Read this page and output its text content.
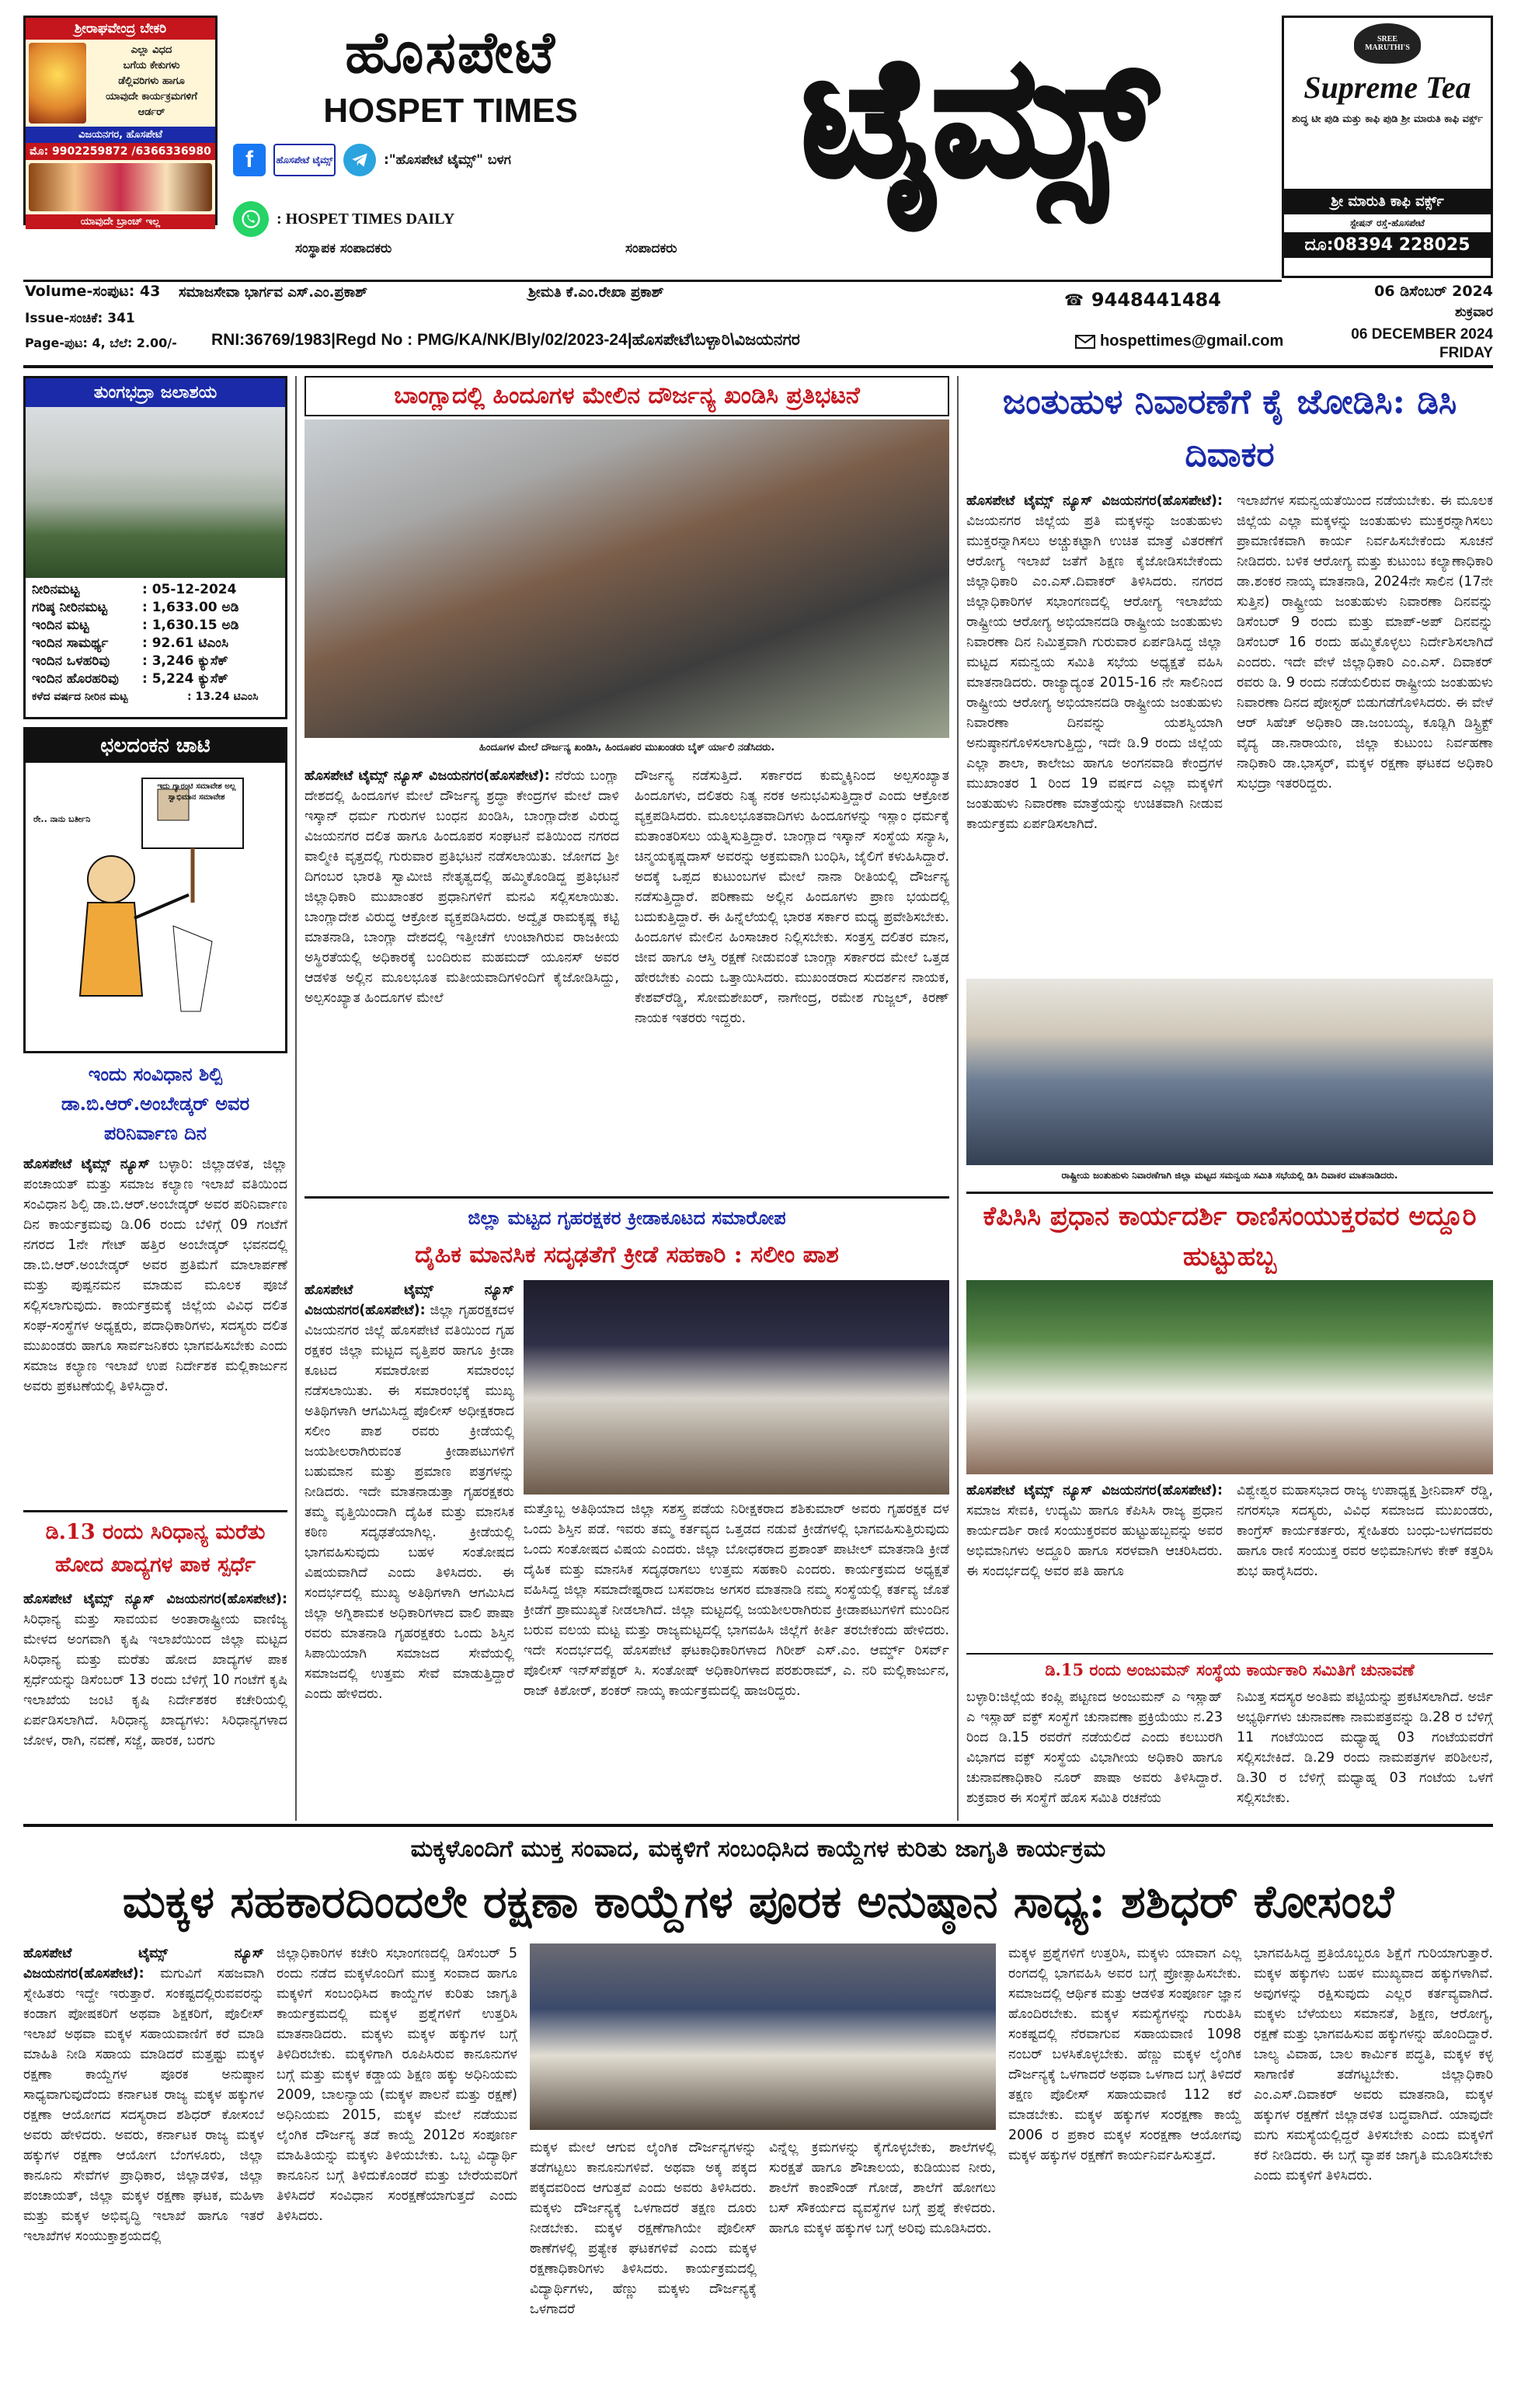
ಶ್ರೀರಾಘವೇಂದ್ರ ಬೇಕರಿ
ಎಲ್ಲಾ ವಿಧದ
ಬಗೆಯ ಕೇಕುಗಳು
ಡೆಲ್ಲಿವರಿಗಳು ಹಾಗೂ
ಯಾವುದೇ ಕಾರ್ಯಕ್ರಮಗಳಿಗೆ ಆರ್ಡರ್
ವಿಜಯನಗರ, ಹೊಸಪೇಟೆ
ಮೊ: 9902259872 /6366336980
ಯಾವುದೇ ಬ್ರಾಂಚ್ ಇಲ್ಲ
ಹೊಸಪೇಟೆ
HOSPET TIMES
f	ಹೊಸಪೇಟೆ ಟೈಮ್ಸ್	:"ಹೊಸಪೇಟೆ ಟೈಮ್ಸ್" ಬಳಗ
: HOSPET TIMES DAILY
ಟೈಮ್ಸ್	SREE MARUTHI'S
Supreme Tea
ಶುದ್ಧ ಟೀ ಪುಡಿ ಮತ್ತು ಕಾಫಿ ಪುಡಿ ಶ್ರೀ ಮಾರುತಿ ಕಾಫಿ ವರ್ಕ್ಸ್
ಶ್ರೀ ಮಾರುತಿ ಕಾಫಿ ವರ್ಕ್ಸ್
ಸ್ಟೇಷನ್ ರಸ್ತೆ-ಹೊಸಪೇಟೆ
ದೂ:08394 228025
ಸಂಸ್ಥಾಪಕ ಸಂಪಾದಕರು	ಸಂಪಾದಕರು
Volume-ಸಂಪುಟ: 43
Issue-ಸಂಚಿಕೆ: 341
Page-ಪುಟ: 4, ಬೆಲೆ: 2.00/-
ಸಮಾಜಸೇವಾ ಭಾರ್ಗವ ಎಸ್.ಎಂ.ಪ್ರಕಾಶ್	ಶ್ರೀಮತಿ ಕೆ.ಎಂ.ರೇಖಾ ಪ್ರಕಾಶ್	☎ 9448441484	06 ಡಿಸೆಂಬರ್ 2024
ಶುಕ್ರವಾರ
06 DECEMBER 2024
FRIDAY
RNI:36769/1983|Regd No : PMG/KA/NK/Bly/02/2023-24|ಹೊಸಪೇಟೆ\ಬಳ್ಳಾರಿ\ವಿಜಯನಗರ	hospettimes@gmail.com
ತುಂಗಭದ್ರಾ ಜಲಾಶಯ
ನೀರಿನಮಟ್ಟ	: 05-12-2024
ಗರಿಷ್ಠ ನೀರಿನಮಟ್ಟ	: 1,633.00 ಅಡಿ
ಇಂದಿನ ಮಟ್ಟ	: 1,630.15 ಅಡಿ
ಇಂದಿನ ಸಾಮರ್ಥ್ಯ	: 92.61 ಟಿಎಂಸಿ
ಇಂದಿನ ಒಳಹರಿವು	: 3,246 ಕ್ಯುಸೆಕ್
ಇಂದಿನ ಹೊರಹರಿವು	: 5,224 ಕ್ಯುಸೆಕ್
ಕಳೆದ ವರ್ಷದ ನೀರಿನ ಮಟ್ಟ	: 13.24 ಟಿಎಂಸಿ
ಛಲದಂಕನ ಚಾಟಿ
ಇದು ಗ್ಯಾರಂಟಿ ಸಮಾವೇಶ ಅಲ್ಲ ಸ್ವಾಭಿಮಾನ ಸಮಾವೇಶ
ರೇ.. ನಾನು ಬರ್ತೀನಿ
ಇಂದು ಸಂವಿಧಾನ ಶಿಲ್ಪಿ ಡಾ.ಬಿ.ಆರ್.ಅಂಬೇಡ್ಕರ್ ಅವರ ಪರಿನಿರ್ವಾಣ ದಿನ
ಹೊಸಪೇಟೆ ಟೈಮ್ಸ್ ನ್ಯೂಸ್ ಬಳ್ಳಾರಿ: ಜಿಲ್ಲಾಡಳಿತ, ಜಿಲ್ಲಾ ಪಂಚಾಯತ್ ಮತ್ತು ಸಮಾಜ ಕಲ್ಯಾಣ ಇಲಾಖೆ ವತಿಯಿಂದ ಸಂವಿಧಾನ ಶಿಲ್ಪಿ ಡಾ.ಬಿ.ಆರ್.ಅಂಬೇಡ್ಕರ್ ಅವರ ಪರಿನಿರ್ವಾಣ ದಿನ ಕಾರ್ಯಕ್ರಮವು ಡಿ.06 ರಂದು ಬೆಳಿಗ್ಗೆ 09 ಗಂಟೆಗೆ ನಗರದ 1ನೇ ಗೇಟ್ ಹತ್ತಿರ ಅಂಬೇಡ್ಕರ್ ಭವನದಲ್ಲಿ ಡಾ.ಬಿ.ಆರ್.ಅಂಬೇಡ್ಕರ್ ಅವರ ಪ್ರತಿಮೆಗೆ ಮಾಲಾರ್ಪಣೆ ಮತ್ತು ಪುಷ್ಪನಮನ ಮಾಡುವ ಮೂಲಕ ಪೂಜೆ ಸಲ್ಲಿಸಲಾಗುವುದು. ಕಾರ್ಯಕ್ರಮಕ್ಕೆ ಜಿಲ್ಲೆಯ ವಿವಿಧ ದಲಿತ ಸಂಘ-ಸಂಸ್ಥೆಗಳ ಅಧ್ಯಕ್ಷರು, ಪದಾಧಿಕಾರಿಗಳು, ಸದಸ್ಯರು ದಲಿತ ಮುಖಂಡರು ಹಾಗೂ ಸಾರ್ವಜನಿಕರು ಭಾಗವಹಿಸಬೇಕು ಎಂದು ಸಮಾಜ ಕಲ್ಯಾಣ ಇಲಾಖೆ ಉಪ ನಿರ್ದೇಶಕ ಮಲ್ಲಿಕಾರ್ಜುನ ಅವರು ಪ್ರಕಟಣೆಯಲ್ಲಿ ತಿಳಿಸಿದ್ದಾರೆ.
ಡಿ.13 ರಂದು ಸಿರಿಧಾನ್ಯ ಮರೆತು ಹೋದ ಖಾದ್ಯಗಳ ಪಾಕ ಸ್ಪರ್ಧೆ
ಹೊಸಪೇಟೆ ಟೈಮ್ಸ್ ನ್ಯೂಸ್ ವಿಜಯನಗರ(ಹೊಸಪೇಟೆ): ಸಿರಿಧಾನ್ಯ ಮತ್ತು ಸಾವಯವ ಅಂತಾರಾಷ್ಟ್ರೀಯ ವಾಣಿಜ್ಯ ಮೇಳದ ಅಂಗವಾಗಿ ಕೃಷಿ ಇಲಾಖೆಯಿಂದ ಜಿಲ್ಲಾ ಮಟ್ಟದ ಸಿರಿಧಾನ್ಯ ಮತ್ತು ಮರೆತು ಹೋದ ಖಾದ್ಯಗಳ ಪಾಕ ಸ್ಪರ್ಧೆಯನ್ನು ಡಿಸೆಂಬರ್ 13 ರಂದು ಬೆಳಿಗ್ಗೆ 10 ಗಂಟೆಗೆ ಕೃಷಿ ಇಲಾಖೆಯ ಜಂಟಿ ಕೃಷಿ ನಿರ್ದೇಶಕರ ಕಚೇರಿಯಲ್ಲಿ ಏರ್ಪಡಿಸಲಾಗಿದೆ. ಸಿರಿಧಾನ್ಯ ಖಾದ್ಯಗಳು: ಸಿರಿಧಾನ್ಯಗಳಾದ ಜೋಳ, ರಾಗಿ, ನವಣೆ, ಸಜ್ಜೆ, ಹಾರಕ, ಬರಗು
ಬಾಂಗ್ಲಾದಲ್ಲಿ ಹಿಂದೂಗಳ ಮೇಲಿನ ದೌರ್ಜನ್ಯ ಖಂಡಿಸಿ ಪ್ರತಿಭಟನೆ
ಹಿಂದೂಗಳ ಮೇಲೆ ದೌರ್ಜನ್ಯ ಖಂಡಿಸಿ, ಹಿಂದೂಪರ ಮುಖಂಡರು ಬೈಕ್ ರ್ಯಾಲಿ ನಡೆಸಿದರು.
ಹೊಸಪೇಟೆ ಟೈಮ್ಸ್ ನ್ಯೂಸ್ ವಿಜಯನಗರ(ಹೊಸಪೇಟೆ): ನೆರೆಯ ಬಂಗ್ಲಾ ದೇಶದಲ್ಲಿ ಹಿಂದೂಗಳ ಮೇಲೆ ದೌರ್ಜನ್ಯ ಶ್ರದ್ಧಾ ಕೇಂದ್ರಗಳ ಮೇಲೆ ದಾಳಿ ಇಸ್ಕಾನ್ ಧರ್ಮ ಗುರುಗಳ ಬಂಧನ ಖಂಡಿಸಿ, ಬಾಂಗ್ಲಾದೇಶ ವಿರುದ್ಧ ವಿಜಯನಗರ ದಲಿತ ಹಾಗೂ ಹಿಂದೂಪರ ಸಂಘಟನೆ ವತಿಯಿಂದ ನಗರದ ವಾಲ್ಮೀಕಿ ವೃತ್ತದಲ್ಲಿ ಗುರುವಾರ ಪ್ರತಿಭಟನೆ ನಡೆಸಲಾಯಿತು. ಜೋಗದ ಶ್ರೀ ದಿಗಂಬರ ಭಾರತಿ ಸ್ವಾಮೀಜಿ ನೇತೃತ್ವದಲ್ಲಿ ಹಮ್ಮಿಕೊಂಡಿದ್ದ ಪ್ರತಿಭಟನೆ ಜಿಲ್ಲಾಧಿಕಾರಿ ಮುಖಾಂತರ ಪ್ರಧಾನಿಗಳಿಗೆ ಮನವಿ ಸಲ್ಲಿಸಲಾಯಿತು. ಬಾಂಗ್ಲಾದೇಶ ವಿರುದ್ಧ ಆಕ್ರೋಶ ವ್ಯಕ್ತಪಡಿಸಿದರು. ಅದ್ವೈತ ರಾಮಕೃಷ್ಣ ಕಟ್ಟಿ ಮಾತನಾಡಿ, ಬಾಂಗ್ಲಾ ದೇಶದಲ್ಲಿ ಇತ್ತೀಚೆಗೆ ಉಂಟಾಗಿರುವ ರಾಜಕೀಯ ಅಸ್ಥಿರತೆಯಲ್ಲಿ ಅಧಿಕಾರಕ್ಕೆ ಬಂದಿರುವ ಮಹಮದ್ ಯೂನಸ್ ಅವರ ಆಡಳಿತ ಅಲ್ಲಿನ ಮೂಲಭೂತ ಮತೀಯವಾದಿಗಳಿಂದಿಗೆ ಕೈಜೋಡಿಸಿದ್ದು, ಅಲ್ಪಸಂಖ್ಯಾತ ಹಿಂದೂಗಳ ಮೇಲೆ
ದೌರ್ಜನ್ಯ ನಡೆಸುತ್ತಿದೆ. ಸರ್ಕಾರದ ಕುಮ್ಮಕ್ಕಿನಿಂದ ಅಲ್ಪಸಂಖ್ಯಾತ ಹಿಂದೂಗಳು, ದಲಿತರು ನಿತ್ಯ ನರಕ ಅನುಭವಿಸುತ್ತಿದ್ದಾರೆ ಎಂದು ಆಕ್ರೋಶ ವ್ಯಕ್ತಪಡಿಸಿದರು. ಮೂಲಭೂತವಾದಿಗಳು ಹಿಂದೂಗಳನ್ನು ಇಸ್ಲಾಂ ಧರ್ಮಕ್ಕೆ ಮತಾಂತರಿಸಲು ಯತ್ನಿಸುತ್ತಿದ್ದಾರೆ. ಬಾಂಗ್ಲಾದ ಇಸ್ಕಾನ್ ಸಂಸ್ಥೆಯ ಸನ್ಯಾಸಿ, ಚಿನ್ಮಯಕೃಷ್ಣದಾಸ್ ಅವರನ್ನು ಅಕ್ರಮವಾಗಿ ಬಂಧಿಸಿ, ಜೈಲಿಗೆ ಕಳುಹಿಸಿದ್ದಾರೆ. ಅದಕ್ಕೆ ಒಪ್ಪದ ಕುಟುಂಬಗಳ ಮೇಲೆ ನಾನಾ ರೀತಿಯಲ್ಲಿ ದೌರ್ಜನ್ಯ ನಡೆಸುತ್ತಿದ್ದಾರೆ. ಪರಿಣಾಮ ಅಲ್ಲಿನ ಹಿಂದೂಗಳು ಪ್ರಾಣ ಭಯದಲ್ಲಿ ಬದುಕುತ್ತಿದ್ದಾರೆ. ಈ ಹಿನ್ನೆಲೆಯಲ್ಲಿ ಭಾರತ ಸರ್ಕಾರ ಮಧ್ಯ ಪ್ರವೇಶಿಸಬೇಕು. ಹಿಂದೂಗಳ ಮೇಲಿನ ಹಿಂಸಾಚಾರ ನಿಲ್ಲಿಸಬೇಕು. ಸಂತ್ರಸ್ತ ದಲಿತರ ಮಾನ, ಜೀವ ಹಾಗೂ ಆಸ್ತಿ ರಕ್ಷಣೆ ನೀಡುವಂತೆ ಬಾಂಗ್ಲಾ ಸರ್ಕಾರದ ಮೇಲೆ ಒತ್ತಡ ಹೇರಬೇಕು ಎಂದು ಒತ್ತಾಯಿಸಿದರು. ಮುಖಂಡರಾದ ಸುದರ್ಶನ ನಾಯಕ, ಕೇಶವ್‍ರೆಡ್ಡಿ, ಸೋಮಶೇಖರ್, ನಾಗೇಂದ್ರ, ರಮೇಶ ಗುಜ್ಜಲ್, ಕಿರಣ್ ನಾಯಕ ಇತರರು ಇದ್ದರು.
ಜಿಲ್ಲಾ ಮಟ್ಟದ ಗೃಹರಕ್ಷಕರ ಕ್ರೀಡಾಕೂಟದ ಸಮಾರೋಪ
ದೈಹಿಕ ಮಾನಸಿಕ ಸದೃಢತೆಗೆ ಕ್ರೀಡೆ ಸಹಕಾರಿ : ಸಲೀಂ ಪಾಶ
ಹೊಸಪೇಟೆ ಟೈಮ್ಸ್ ನ್ಯೂಸ್ ವಿಜಯನಗರ(ಹೊಸಪೇಟೆ): ಜಿಲ್ಲಾ ಗೃಹರಕ್ಷಕದಳ ವಿಜಯನಗರ ಜಿಲ್ಲೆ ಹೊಸಪೇಟೆ ವತಿಯಿಂದ ಗೃಹ ರಕ್ಷಕರ ಜಿಲ್ಲಾ ಮಟ್ಟದ ವೃತ್ತಿಪರ ಹಾಗೂ ಕ್ರೀಡಾ ಕೂಟದ ಸಮಾರೋಪ ಸಮಾರಂಭ ನಡೆಸಲಾಯಿತು. ಈ ಸಮಾರಂಭಕ್ಕೆ ಮುಖ್ಯ ಅತಿಥಿಗಳಾಗಿ ಆಗಮಿಸಿದ್ದ ಪೊಲೀಸ್ ಅಧೀಕ್ಷಕರಾದ ಸಲೀಂ ಪಾಶ ರವರು ಕ್ರೀಡೆಯಲ್ಲಿ ಜಯಶೀಲರಾಗಿರುವಂತ ಕ್ರೀಡಾಪಟುಗಳಿಗೆ ಬಹುಮಾನ ಮತ್ತು ಪ್ರಮಾಣ ಪತ್ರಗಳನ್ನು ನೀಡಿದರು. ಇದೇ ಮಾತನಾಡುತ್ತಾ ಗೃಹರಕ್ಷಕರು ತಮ್ಮ ವೃತ್ತಿಯಿಂದಾಗಿ ದೈಹಿಕ ಮತ್ತು ಮಾನಸಿಕ ಕಠಿಣ ಸದೃಢತೆಯಾಗಿಲ್ಲ. ಕ್ರೀಡೆಯಲ್ಲಿ ಭಾಗವಹಿಸುವುದು ಬಹಳ ಸಂತೋಷದ ವಿಷಯವಾಗಿದೆ ಎಂದು ತಿಳಿಸಿದರು. ಈ ಸಂದರ್ಭದಲ್ಲಿ ಮುಖ್ಯ ಅತಿಥಿಗಳಾಗಿ ಆಗಮಿಸಿದ ಜಿಲ್ಲಾ ಅಗ್ನಿಶಾಮಕ ಅಧಿಕಾರಿಗಳಾದ ವಾಲಿ ಪಾಷಾ ರವರು ಮಾತನಾಡಿ ಗೃಹರಕ್ಷಕರು ಒಂದು ಶಿಸ್ತಿನ ಸಿಪಾಯಿಯಾಗಿ ಸಮಾಜದ ಸೇವೆಯಲ್ಲಿ ಸಮಾಜದಲ್ಲಿ ಉತ್ತಮ ಸೇವೆ ಮಾಡುತ್ತಿದ್ದಾರೆ ಎಂದು ಹೇಳಿದರು.
ಮತ್ತೊಬ್ಬ ಅತಿಥಿಯಾದ ಜಿಲ್ಲಾ ಸಶಸ್ತ್ರ ಪಡೆಯ ನಿರೀಕ್ಷಕರಾದ ಶಶಿಕುಮಾರ್ ಅವರು ಗೃಹರಕ್ಷಕ ದಳ ಒಂದು ಶಿಸ್ತಿನ ಪಡೆ. ಇವರು ತಮ್ಮ ಕರ್ತವ್ಯದ ಒತ್ತಡದ ನಡುವೆ ಕ್ರೀಡೆಗಳಲ್ಲಿ ಭಾಗವಹಿಸುತ್ತಿರುವುದು ಒಂದು ಸಂತೋಷದ ವಿಷಯ ಎಂದರು. ಜಿಲ್ಲಾ ಬೋಧಕರಾದ ಪ್ರಶಾಂತ್ ಪಾಟೀಲ್ ಮಾತನಾಡಿ ಕ್ರೀಡೆ ದೈಹಿಕ ಮತ್ತು ಮಾನಸಿಕ ಸದೃಢರಾಗಲು ಉತ್ತಮ ಸಹಕಾರಿ ಎಂದರು. ಕಾರ್ಯಕ್ರಮದ ಅಧ್ಯಕ್ಷತೆ ವಹಿಸಿದ್ದ ಜಿಲ್ಲಾ ಸಮಾದೇಷ್ಟರಾದ ಬಸವರಾಜ ಅಗಸರ ಮಾತನಾಡಿ ನಮ್ಮ ಸಂಸ್ಥೆಯಲ್ಲಿ ಕರ್ತವ್ಯ ಜೊತೆ ಕ್ರೀಡೆಗೆ ಪ್ರಾಮುಖ್ಯತೆ ನೀಡಲಾಗಿದೆ. ಜಿಲ್ಲಾ ಮಟ್ಟದಲ್ಲಿ ಜಯಶೀಲರಾಗಿರುವ ಕ್ರೀಡಾಪಟುಗಳಿಗೆ ಮುಂದಿನ ಬರುವ ವಲಯ ಮಟ್ಟ ಮತ್ತು ರಾಜ್ಯಮಟ್ಟದಲ್ಲಿ ಭಾಗವಹಿಸಿ ಜಿಲ್ಲೆಗೆ ಕೀರ್ತಿ ತರಬೇಕೆಂದು ಹೇಳಿದರು. ಇದೇ ಸಂದರ್ಭದಲ್ಲಿ ಹೊಸಪೇಟೆ ಘಟಕಾಧಿಕಾರಿಗಳಾದ ಗಿರೀಶ್ ಎಸ್.ಎಂ. ಆರ್ಮ್ಡ್ ರಿಸರ್ವ್ ಪೊಲೀಸ್ ಇನ್ಸ್‍ಪೆಕ್ಟರ್ ಸಿ. ಸಂತೋಷ್ ಅಧಿಕಾರಿಗಳಾದ ಪರಶುರಾಮ್, ಎ. ನರಿ ಮಲ್ಲಿಕಾರ್ಜುನ, ರಾಜ್ ಕಿಶೋರ್, ಶಂಕರ್ ನಾಯ್ಕ ಕಾರ್ಯಕ್ರಮದಲ್ಲಿ ಹಾಜರಿದ್ದರು.
ಜಂತುಹುಳ ನಿವಾರಣೆಗೆ ಕೈ ಜೋಡಿಸಿ: ಡಿಸಿ ದಿವಾಕರ
ಹೊಸಪೇಟೆ ಟೈಮ್ಸ್ ನ್ಯೂಸ್ ವಿಜಯನಗರ(ಹೊಸಪೇಟೆ): ವಿಜಯನಗರ ಜಿಲ್ಲೆಯ ಪ್ರತಿ ಮಕ್ಕಳನ್ನು ಜಂತುಹುಳು ಮುಕ್ತರನ್ನಾಗಿಸಲು ಅಚ್ಚುಕಟ್ಟಾಗಿ ಉಚಿತ ಮಾತ್ರೆ ವಿತರಣೆಗೆ ಆರೋಗ್ಯ ಇಲಾಖೆ ಜತೆಗೆ ಶಿಕ್ಷಣ ಕೈಜೋಡಿಸಬೇಕೆಂದು ಜಿಲ್ಲಾಧಿಕಾರಿ ಎಂ.ಎಸ್.ದಿವಾಕರ್ ತಿಳಿಸಿದರು. ನಗರದ ಜಿಲ್ಲಾಧಿಕಾರಿಗಳ ಸಭಾಂಗಣದಲ್ಲಿ ಆರೋಗ್ಯ ಇಲಾಖೆಯ ರಾಷ್ಟ್ರೀಯ ಆರೋಗ್ಯ ಅಭಿಯಾನದಡಿ ರಾಷ್ಟ್ರೀಯ ಜಂತುಹುಳು ನಿವಾರಣಾ ದಿನ ನಿಮಿತ್ತವಾಗಿ ಗುರುವಾರ ಏರ್ಪಡಿಸಿದ್ದ ಜಿಲ್ಲಾ ಮಟ್ಟದ ಸಮನ್ವಯ ಸಮಿತಿ ಸಭೆಯ ಅಧ್ಯಕ್ಷತೆ ವಹಿಸಿ ಮಾತನಾಡಿದರು. ರಾಜ್ಯಾದ್ಯಂತ 2015-16 ನೇ ಸಾಲಿನಿಂದ ರಾಷ್ಟ್ರೀಯ ಆರೋಗ್ಯ ಅಭಿಯಾನದಡಿ ರಾಷ್ಟ್ರೀಯ ಜಂತುಹುಳು ನಿವಾರಣಾ ದಿನವನ್ನು ಯಶಸ್ವಿಯಾಗಿ ಅನುಷ್ಠಾನಗೊಳಿಸಲಾಗುತ್ತಿದ್ದು, ಇದೇ ಡಿ.9 ರಂದು ಜಿಲ್ಲೆಯ ಎಲ್ಲಾ ಶಾಲಾ, ಕಾಲೇಜು ಹಾಗೂ ಅಂಗನವಾಡಿ ಕೇಂದ್ರಗಳ ಮುಖಾಂತರ 1 ರಿಂದ 19 ವರ್ಷದ ಎಲ್ಲಾ ಮಕ್ಕಳಿಗೆ ಜಂತುಹುಳು ನಿವಾರಣಾ ಮಾತ್ರೆಯನ್ನು ಉಚಿತವಾಗಿ ನೀಡುವ ಕಾರ್ಯಕ್ರಮ ಏರ್ಪಡಿಸಲಾಗಿದೆ.
ಇಲಾಖೆಗಳ ಸಮನ್ವಯತೆಯಿಂದ ನಡೆಯಬೇಕು. ಈ ಮೂಲಕ ಜಿಲ್ಲೆಯ ಎಲ್ಲಾ ಮಕ್ಕಳನ್ನು ಜಂತುಹುಳು ಮುಕ್ತರನ್ನಾಗಿಸಲು ಪ್ರಾಮಾಣಿಕವಾಗಿ ಕಾರ್ಯ ನಿರ್ವಹಿಸಬೇಕೆಂದು ಸೂಚನೆ ನೀಡಿದರು. ಬಳಿಕ ಆರೋಗ್ಯ ಮತ್ತು ಕುಟುಂಬ ಕಲ್ಯಾಣಾಧಿಕಾರಿ ಡಾ.ಶಂಕರ ನಾಯ್ಕ ಮಾತನಾಡಿ, 2024ನೇ ಸಾಲಿನ (17ನೇ ಸುತ್ತಿನ) ರಾಷ್ಟ್ರೀಯ ಜಂತುಹುಳು ನಿವಾರಣಾ ದಿನವನ್ನು ಡಿಸೆಂಬರ್ 9 ರಂದು ಮತ್ತು ಮಾಪ್-ಅಪ್ ದಿನವನ್ನು ಡಿಸೆಂಬರ್ 16 ರಂದು ಹಮ್ಮಿಕೊಳ್ಳಲು ನಿರ್ದೇಶಿಸಲಾಗಿದೆ ಎಂದರು. ಇದೇ ವೇಳೆ ಜಿಲ್ಲಾಧಿಕಾರಿ ಎಂ.ಎಸ್. ದಿವಾಕರ್ ರವರು ಡಿ. 9 ರಂದು ನಡೆಯಲಿರುವ ರಾಷ್ಟ್ರೀಯ ಜಂತುಹುಳು ನಿವಾರಣಾ ದಿನದ ಪೋಸ್ಟರ್ ಬಿಡುಗಡೆಗೊಳಿಸಿದರು. ಈ ವೇಳೆ ಆರ್ ಸಿಹೆಚ್ ಅಧಿಕಾರಿ ಡಾ.ಜಂಬಯ್ಯ, ಕೂಡ್ಲಿಗಿ ಡಿಸ್ಟ್ರಿಕ್ಟ್ ವೈದ್ಯ ಡಾ.ನಾರಾಯಣ, ಜಿಲ್ಲಾ ಕುಟುಂಬ ನಿರ್ವಹಣಾ ನಾಧಿಕಾರಿ ಡಾ.ಭಾಸ್ಕರ್, ಮಕ್ಕಳ ರಕ್ಷಣಾ ಘಟಕದ ಅಧಿಕಾರಿ ಸುಭದ್ರಾ ಇತರರಿದ್ದರು.
ರಾಷ್ಟ್ರೀಯ ಜಂತುಹುಳು ನಿವಾರಣೆಗಾಗಿ ಜಿಲ್ಲಾ ಮಟ್ಟದ ಸಮನ್ವಯ ಸಮಿತಿ ಸಭೆಯಲ್ಲಿ ಡಿಸಿ ದಿವಾಕರ ಮಾತನಾಡಿದರು.
ಕೆಪಿಸಿಸಿ ಪ್ರಧಾನ ಕಾರ್ಯದರ್ಶಿ ರಾಣಿಸಂಯುಕ್ತರವರ ಅದ್ದೂರಿ ಹುಟ್ಟುಹಬ್ಬ
ಹೊಸಪೇಟೆ ಟೈಮ್ಸ್ ನ್ಯೂಸ್ ವಿಜಯನಗರ(ಹೊಸಪೇಟೆ): ಸಮಾಜ ಸೇವಕಿ, ಉದ್ಯಮಿ ಹಾಗೂ ಕೆಪಿಸಿಸಿ ರಾಜ್ಯ ಪ್ರಧಾನ ಕಾರ್ಯದರ್ಶಿ ರಾಣಿ ಸಂಯುಕ್ತರವರ ಹುಟ್ಟುಹಬ್ಬವನ್ನು ಅವರ ಅಭಿಮಾನಿಗಳು ಅದ್ದೂರಿ ಹಾಗೂ ಸರಳವಾಗಿ ಆಚರಿಸಿದರು. ಈ ಸಂದರ್ಭದಲ್ಲಿ ಅವರ ಪತಿ ಹಾಗೂ
ವಿಶ್ವೇಶ್ವರ ಮಹಾಸಭಾದ ರಾಜ್ಯ ಉಪಾಧ್ಯಕ್ಷ ಶ್ರೀನಿವಾಸ್ ರೆಡ್ಡಿ, ನಗರಸಭಾ ಸದಸ್ಯರು, ವಿವಿಧ ಸಮಾಜದ ಮುಖಂಡರು, ಕಾಂಗ್ರೆಸ್ ಕಾರ್ಯಕರ್ತರು, ಸ್ನೇಹಿತರು ಬಂಧು-ಬಳಗದವರು ಹಾಗೂ ರಾಣಿ ಸಂಯುಕ್ತ ರವರ ಅಭಿಮಾನಿಗಳು ಕೇಕ್ ಕತ್ತರಿಸಿ ಶುಭ ಹಾರೈಸಿದರು.
ಡಿ.15 ರಂದು ಅಂಜುಮನ್ ಸಂಸ್ಥೆಯ ಕಾರ್ಯಕಾರಿ ಸಮಿತಿಗೆ ಚುನಾವಣೆ
ಬಳ್ಳಾರಿ:ಜಿಲ್ಲೆಯ ಕಂಪ್ಲಿ ಪಟ್ಟಣದ ಅಂಜುಮನ್ ಎ ಇಸ್ಲಾಹ್ ಎ ಇಸ್ಲಾಹ್ ವಕ್ಫ್ ಸಂಸ್ಥೆಗೆ ಚುನಾವಣಾ ಪ್ರಕ್ರಿಯೆಯು ನ.23 ರಿಂದ ಡಿ.15 ರವರೆಗೆ ನಡೆಯಲಿದೆ ಎಂದು ಕಲಬುರಗಿ ವಿಭಾಗದ ವಕ್ಫ್ ಸಂಸ್ಥೆಯ ವಿಭಾಗೀಯ ಅಧಿಕಾರಿ ಹಾಗೂ ಚುನಾವಣಾಧಿಕಾರಿ ನೂರ್ ಪಾಷಾ ಅವರು ತಿಳಿಸಿದ್ದಾರೆ. ಶುಕ್ರವಾರ ಈ ಸಂಸ್ಥೆಗೆ ಹೊಸ ಸಮಿತಿ ರಚನೆಯ
ನಿಮಿತ್ತ ಸದಸ್ಯರ ಅಂತಿಮ ಪಟ್ಟಿಯನ್ನು ಪ್ರಕಟಿಸಲಾಗಿದೆ. ಅರ್ಜಿ ಅಭ್ಯರ್ಥಿಗಳು ಚುನಾವಣಾ ನಾಮಪತ್ರವನ್ನು ಡಿ.28 ರ ಬೆಳಿಗ್ಗೆ 11 ಗಂಟೆಯಿಂದ ಮಧ್ಯಾಹ್ನ 03 ಗಂಟೆಯವರೆಗೆ ಸಲ್ಲಿಸಬೇಕಿದೆ. ಡಿ.29 ರಂದು ನಾಮಪತ್ರಗಳ ಪರಿಶೀಲನೆ, ಡಿ.30 ರ ಬೆಳಿಗ್ಗೆ ಮಧ್ಯಾಹ್ನ 03 ಗಂಟೆಯ ಒಳಗೆ ಸಲ್ಲಿಸಬೇಕು.
ಮಕ್ಕಳೊಂದಿಗೆ ಮುಕ್ತ ಸಂವಾದ, ಮಕ್ಕಳಿಗೆ ಸಂಬಂಧಿಸಿದ ಕಾಯ್ದೆಗಳ ಕುರಿತು ಜಾಗೃತಿ ಕಾರ್ಯಕ್ರಮ
ಮಕ್ಕಳ ಸಹಕಾರದಿಂದಲೇ ರಕ್ಷಣಾ ಕಾಯ್ದೆಗಳ ಪೂರಕ ಅನುಷ್ಠಾನ ಸಾಧ್ಯ: ಶಶಿಧರ್ ಕೋಸಂಬೆ
ಹೊಸಪೇಟೆ ಟೈಮ್ಸ್ ನ್ಯೂಸ್ ವಿಜಯನಗರ(ಹೊಸಪೇಟೆ): ಮಗುವಿಗೆ ಸಹಜವಾಗಿ ಸ್ನೇಹಿತರು ಇದ್ದೇ ಇರುತ್ತಾರೆ. ಸಂಕಷ್ಟದಲ್ಲಿರುವವರನ್ನು ಕಂಡಾಗ ಪೋಷಕರಿಗೆ ಅಥವಾ ಶಿಕ್ಷಕರಿಗೆ, ಪೊಲೀಸ್ ಇಲಾಖೆ ಅಥವಾ ಮಕ್ಕಳ ಸಹಾಯವಾಣಿಗೆ ಕರೆ ಮಾಡಿ ಮಾಹಿತಿ ನೀಡಿ ಸಹಾಯ ಮಾಡಿದರೆ ಮತ್ತಷ್ಟು ಮಕ್ಕಳ ರಕ್ಷಣಾ ಕಾಯ್ದೆಗಳ ಪೂರಕ ಅನುಷ್ಠಾನ ಸಾಧ್ಯವಾಗುವುದೆಂದು ಕರ್ನಾಟಕ ರಾಜ್ಯ ಮಕ್ಕಳ ಹಕ್ಕುಗಳ ರಕ್ಷಣಾ ಆಯೋಗದ ಸದಸ್ಯರಾದ ಶಶಿಧರ್ ಕೋಸಂಬೆ ಅವರು ಹೇಳಿದರು. ಅವರು, ಕರ್ನಾಟಕ ರಾಜ್ಯ ಮಕ್ಕಳ ಹಕ್ಕುಗಳ ರಕ್ಷಣಾ ಆಯೋಗ ಬೆಂಗಳೂರು, ಜಿಲ್ಲಾ ಕಾನೂನು ಸೇವೆಗಳ ಪ್ರಾಧಿಕಾರ, ಜಿಲ್ಲಾಡಳಿತ, ಜಿಲ್ಲಾ ಪಂಚಾಯತ್, ಜಿಲ್ಲಾ ಮಕ್ಕಳ ರಕ್ಷಣಾ ಘಟಕ, ಮಹಿಳಾ ಮತ್ತು ಮಕ್ಕಳ ಅಭಿವೃದ್ಧಿ ಇಲಾಖೆ ಹಾಗೂ ಇತರೆ ಇಲಾಖೆಗಳ ಸಂಯುಕ್ತಾಶ್ರಯದಲ್ಲಿ
ಜಿಲ್ಲಾಧಿಕಾರಿಗಳ ಕಚೇರಿ ಸಭಾಂಗಣದಲ್ಲಿ ಡಿಸೆಂಬರ್ 5 ರಂದು ನಡೆದ ಮಕ್ಕಳೊಂದಿಗೆ ಮುಕ್ತ ಸಂವಾದ ಹಾಗೂ ಮಕ್ಕಳಿಗೆ ಸಂಬಂಧಿಸಿದ ಕಾಯ್ದೆಗಳ ಕುರಿತು ಜಾಗೃತಿ ಕಾರ್ಯಕ್ರಮದಲ್ಲಿ ಮಕ್ಕಳ ಪ್ರಶ್ನೆಗಳಿಗೆ ಉತ್ತರಿಸಿ ಮಾತನಾಡಿದರು. ಮಕ್ಕಳು ಮಕ್ಕಳ ಹಕ್ಕುಗಳ ಬಗ್ಗೆ ತಿಳಿದಿರಬೇಕು. ಮಕ್ಕಳಿಗಾಗಿ ರೂಪಿಸಿರುವ ಕಾನೂನುಗಳ ಬಗ್ಗೆ ಮತ್ತು ಮಕ್ಕಳ ಕಡ್ಡಾಯ ಶಿಕ್ಷಣ ಹಕ್ಕು ಅಧಿನಿಯಮ 2009, ಬಾಲನ್ಯಾಯ (ಮಕ್ಕಳ ಪಾಲನೆ ಮತ್ತು ರಕ್ಷಣೆ) ಅಧಿನಿಯಮ 2015, ಮಕ್ಕಳ ಮೇಲೆ ನಡೆಯುವ ಲೈಂಗಿಕ ದೌರ್ಜನ್ಯ ತಡೆ ಕಾಯ್ದೆ 2012ರ ಸಂಪೂರ್ಣ ಮಾಹಿತಿಯನ್ನು ಮಕ್ಕಳು ತಿಳಿಯಬೇಕು. ಒಬ್ಬ ವಿದ್ಯಾರ್ಥಿ ಕಾನೂನಿನ ಬಗ್ಗೆ ತಿಳಿದುಕೊಂಡರೆ ಮತ್ತು ಬೇರೆಯವರಿಗೆ ತಿಳಿಸಿದರೆ ಸಂವಿಧಾನ ಸಂರಕ್ಷಣೆಯಾಗುತ್ತದೆ ಎಂದು ತಿಳಿಸಿದರು.
ಮಕ್ಕಳ ಮೇಲೆ ಆಗುವ ಲೈಂಗಿಕ ದೌರ್ಜನ್ಯಗಳನ್ನು ತಡೆಗಟ್ಟಲು ಕಾನೂನುಗಳಿವೆ. ಅಥವಾ ಅಕ್ಕ ಪಕ್ಕದ ಪಕ್ಕದವರಿಂದ ಆಗುತ್ತವೆ ಎಂದು ಅವರು ತಿಳಿಸಿದರು. ಮಕ್ಕಳು ದೌರ್ಜನ್ಯಕ್ಕೆ ಒಳಗಾದರೆ ತಕ್ಷಣ ದೂರು ನೀಡಬೇಕು. ಮಕ್ಕಳ ರಕ್ಷಣೆಗಾಗಿಯೇ ಪೊಲೀಸ್ ಠಾಣೆಗಳಲ್ಲಿ ಪ್ರತ್ಯೇಕ ಘಟಕಗಳಿವೆ ಎಂದು ಮಕ್ಕಳ ರಕ್ಷಣಾಧಿಕಾರಿಗಳು ತಿಳಿಸಿದರು. ಕಾರ್ಯಕ್ರಮದಲ್ಲಿ ವಿದ್ಯಾರ್ಥಿಗಳು, ಹೆಣ್ಣು ಮಕ್ಕಳು ದೌರ್ಜನ್ಯಕ್ಕೆ ಒಳಗಾದರೆ
ವಿನ್ನೆಲ್ಲ ಕ್ರಮಗಳನ್ನು ಕೈಗೊಳ್ಳಬೇಕು, ಶಾಲೆಗಳಲ್ಲಿ ಸುರಕ್ಷತೆ ಹಾಗೂ ಶೌಚಾಲಯ, ಕುಡಿಯುವ ನೀರು, ಶಾಲೆಗೆ ಕಾಂಪೌಂಡ್ ಗೋಡೆ, ಶಾಲೆಗೆ ಹೋಗಲು ಬಸ್ ಸೌಕರ್ಯದ ವ್ಯವಸ್ಥೆಗಳ ಬಗ್ಗೆ ಪ್ರಶ್ನೆ ಕೇಳಿದರು. ಹಾಗೂ ಮಕ್ಕಳ ಹಕ್ಕುಗಳ ಬಗ್ಗೆ ಅರಿವು ಮೂಡಿಸಿದರು.
ಮಕ್ಕಳ ಪ್ರಶ್ನೆಗಳಿಗೆ ಉತ್ತರಿಸಿ, ಮಕ್ಕಳು ಯಾವಾಗ ಎಲ್ಲ ರಂಗದಲ್ಲಿ ಭಾಗವಹಿಸಿ ಅವರ ಬಗ್ಗೆ ಪ್ರೋತ್ಸಾಹಿಸಬೇಕು. ಸಮಾಜದಲ್ಲಿ ಆರ್ಥಿಕ ಮತ್ತು ಆಡಳಿತ ಸಂಪೂರ್ಣ ಜ್ಞಾನ ಹೊಂದಿರಬೇಕು. ಮಕ್ಕಳ ಸಮಸ್ಯೆಗಳನ್ನು ಗುರುತಿಸಿ ಸಂಕಷ್ಟದಲ್ಲಿ ನೆರವಾಗುವ ಸಹಾಯವಾಣಿ 1098 ನಂಬರ್ ಬಳಸಿಕೊಳ್ಳಬೇಕು. ಹೆಣ್ಣು ಮಕ್ಕಳ ಲೈಂಗಿಕ ದೌರ್ಜನ್ಯಕ್ಕೆ ಒಳಗಾದರೆ ಅಥವಾ ಒಳಗಾದ ಬಗ್ಗೆ ತಿಳಿದರೆ ತಕ್ಷಣ ಪೊಲೀಸ್ ಸಹಾಯವಾಣಿ 112 ಕರೆ ಮಾಡಬೇಕು. ಮಕ್ಕಳ ಹಕ್ಕುಗಳ ಸಂರಕ್ಷಣಾ ಕಾಯ್ದೆ 2006 ರ ಪ್ರಕಾರ ಮಕ್ಕಳ ಸಂರಕ್ಷಣಾ ಆಯೋಗವು ಮಕ್ಕಳ ಹಕ್ಕುಗಳ ರಕ್ಷಣೆಗೆ ಕಾರ್ಯನಿರ್ವಹಿಸುತ್ತದೆ.
ಭಾಗವಹಿಸಿದ್ದ ಪ್ರತಿಯೊಬ್ಬರೂ ಶಿಕ್ಷೆಗೆ ಗುರಿಯಾಗುತ್ತಾರೆ. ಮಕ್ಕಳ ಹಕ್ಕುಗಳು ಬಹಳ ಮುಖ್ಯವಾದ ಹಕ್ಕುಗಳಾಗಿವೆ. ಅವುಗಳನ್ನು ರಕ್ಷಿಸುವುದು ಎಲ್ಲರ ಕರ್ತವ್ಯವಾಗಿದೆ. ಮಕ್ಕಳು ಬೆಳೆಯಲು ಸಮಾನತೆ, ಶಿಕ್ಷಣ, ಆರೋಗ್ಯ, ರಕ್ಷಣೆ ಮತ್ತು ಭಾಗವಹಿಸುವ ಹಕ್ಕುಗಳನ್ನು ಹೊಂದಿದ್ದಾರೆ. ಬಾಲ್ಯ ವಿವಾಹ, ಬಾಲ ಕಾರ್ಮಿಕ ಪದ್ಧತಿ, ಮಕ್ಕಳ ಕಳ್ಳ ಸಾಗಾಣಿಕೆ ತಡೆಗಟ್ಟಬೇಕು. ಜಿಲ್ಲಾಧಿಕಾರಿ ಎಂ.ಎಸ್.ದಿವಾಕರ್ ಅವರು ಮಾತನಾಡಿ, ಮಕ್ಕಳ ಹಕ್ಕುಗಳ ರಕ್ಷಣೆಗೆ ಜಿಲ್ಲಾಡಳಿತ ಬದ್ಧವಾಗಿದೆ. ಯಾವುದೇ ಮಗು ಸಮಸ್ಯೆಯಲ್ಲಿದ್ದರೆ ತಿಳಿಸಬೇಕು ಎಂದು ಮಕ್ಕಳಿಗೆ ಕರೆ ನೀಡಿದರು. ಈ ಬಗ್ಗೆ ವ್ಯಾಪಕ ಜಾಗೃತಿ ಮೂಡಿಸಬೇಕು ಎಂದು ಮಕ್ಕಳಿಗೆ ತಿಳಿಸಿದರು.
